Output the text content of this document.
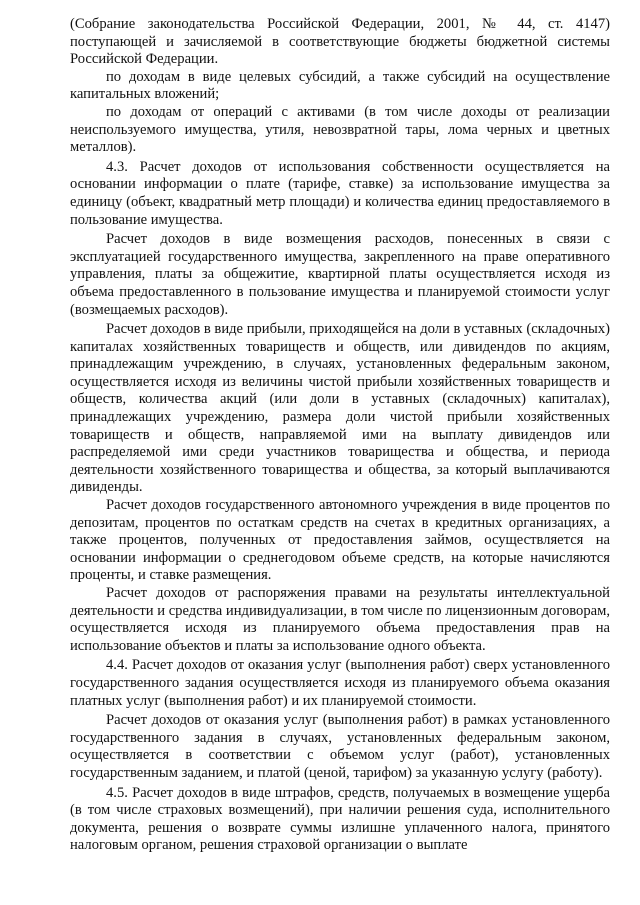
(Собрание законодательства Российской Федерации, 2001, № 44, ст. 4147) поступающей и зачисляемой в соответствующие бюджеты бюджетной системы Российской Федерации.

по доходам в виде целевых субсидий, а также субсидий на осуществление капитальных вложений;

по доходам от операций с активами (в том числе доходы от реализации неиспользуемого имущества, утиля, невозвратной тары, лома черных и цветных металлов).

4.3. Расчет доходов от использования собственности осуществляется на основании информации о плате (тарифе, ставке) за использование имущества за единицу (объект, квадратный метр площади) и количества единиц предоставляемого в пользование имущества.

Расчет доходов в виде возмещения расходов, понесенных в связи с эксплуатацией государственного имущества, закрепленного на праве оперативного управления, платы за общежитие, квартирной платы осуществляется исходя из объема предоставленного в пользование имущества и планируемой стоимости услуг (возмещаемых расходов).

Расчет доходов в виде прибыли, приходящейся на доли в уставных (складочных) капиталах хозяйственных товариществ и обществ, или дивидендов по акциям, принадлежащим учреждению, в случаях, установленных федеральным законом, осуществляется исходя из величины чистой прибыли хозяйственных товариществ и обществ, количества акций (или доли в уставных (складочных) капиталах), принадлежащих учреждению, размера доли чистой прибыли хозяйственных товариществ и обществ, направляемой ими на выплату дивидендов или распределяемой ими среди участников товарищества и общества, и периода деятельности хозяйственного товарищества и общества, за который выплачиваются дивиденды.

Расчет доходов государственного автономного учреждения в виде процентов по депозитам, процентов по остаткам средств на счетах в кредитных организациях, а также процентов, полученных от предоставления займов, осуществляется на основании информации о среднегодовом объеме средств, на которые начисляются проценты, и ставке размещения.

Расчет доходов от распоряжения правами на результаты интеллектуальной деятельности и средства индивидуализации, в том числе по лицензионным договорам, осуществляется исходя из планируемого объема предоставления прав на использование объектов и платы за использование одного объекта.

4.4. Расчет доходов от оказания услуг (выполнения работ) сверх установленного государственного задания осуществляется исходя из планируемого объема оказания платных услуг (выполнения работ) и их планируемой стоимости.

Расчет доходов от оказания услуг (выполнения работ) в рамках установленного государственного задания в случаях, установленных федеральным законом, осуществляется в соответствии с объемом услуг (работ), установленных государственным заданием, и платой (ценой, тарифом) за указанную услугу (работу).

4.5. Расчет доходов в виде штрафов, средств, получаемых в возмещение ущерба (в том числе страховых возмещений), при наличии решения суда, исполнительного документа, решения о возврате суммы излишне уплаченного налога, принятого налоговым органом, решения страховой организации о выплате
